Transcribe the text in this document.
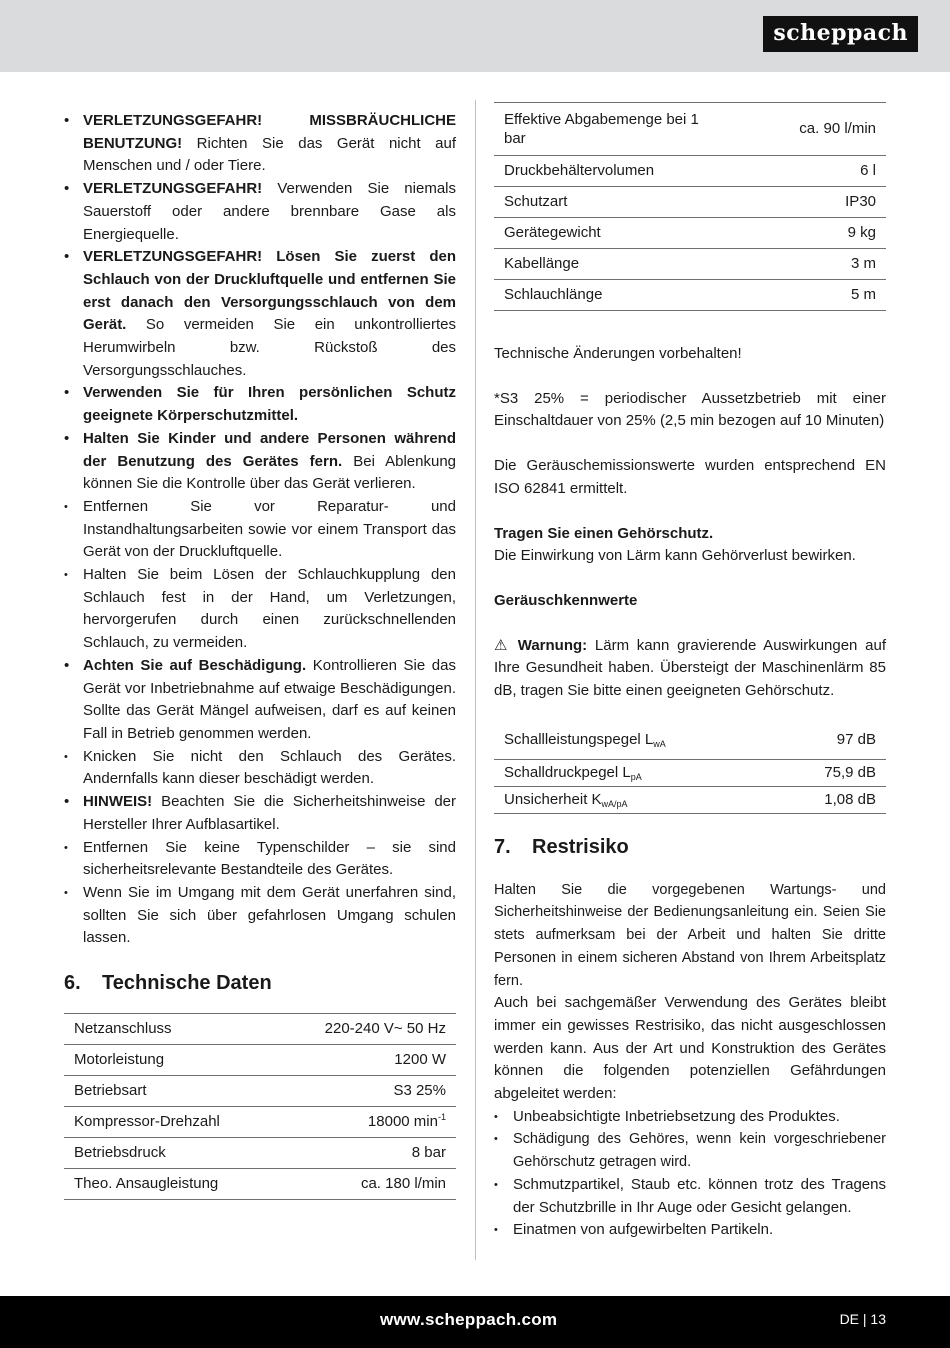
scheppach
• VERLETZUNGSGEFAHR! MISSBRÄUCHLICHE BENUTZUNG! Richten Sie das Gerät nicht auf Menschen und / oder Tiere.
• VERLETZUNGSGEFAHR! Verwenden Sie niemals Sauerstoff oder andere brennbare Gase als Energiequelle.
• VERLETZUNGSGEFAHR! Lösen Sie zuerst den Schlauch von der Druckluftquelle und entfernen Sie erst danach den Versorgungsschlauch von dem Gerät. So vermeiden Sie ein unkontrolliertes Herumwirbeln bzw. Rückstoß des Versorgungsschlauches.
• Verwenden Sie für Ihren persönlichen Schutz geeignete Körperschutzmittel.
• Halten Sie Kinder und andere Personen während der Benutzung des Gerätes fern. Bei Ablenkung können Sie die Kontrolle über das Gerät verlieren.
• Entfernen Sie vor Reparatur- und Instandhaltungsarbeiten sowie vor einem Transport das Gerät von der Druckluftquelle.
• Halten Sie beim Lösen der Schlauchkupplung den Schlauch fest in der Hand, um Verletzungen, hervorgerufen durch einen zurückschnellenden Schlauch, zu vermeiden.
• Achten Sie auf Beschädigung. Kontrollieren Sie das Gerät vor Inbetriebnahme auf etwaige Beschädigungen. Sollte das Gerät Mängel aufweisen, darf es auf keinen Fall in Betrieb genommen werden.
• Knicken Sie nicht den Schlauch des Gerätes. Andernfalls kann dieser beschädigt werden.
• HINWEIS! Beachten Sie die Sicherheitshinweise der Hersteller Ihrer Aufblasartikel.
• Entfernen Sie keine Typenschilder – sie sind sicherheitsrelevante Bestandteile des Gerätes.
• Wenn Sie im Umgang mit dem Gerät unerfahren sind, sollten Sie sich über gefahrlosen Umgang schulen lassen.
6.	Technische Daten
Netzanschluss	220-240 V~ 50 Hz
Motorleistung	1200 W
Betriebsart	S3 25%
Kompressor-Drehzahl	18000 $\min^{-1}$
Betriebsdruck	8 bar
Theo. Ansaugleistung	ca. 180 l/min
Effektive Abgabemenge bei 1 bar	ca. 90 l/min
Druckbehältervolumen	6 l
Schutzart	IP30
Gerätegewicht	9 kg
Kabellänge	3 m
Schlauchlänge	5 m

Technische Änderungen vorbehalten!

*S3 25% = periodischer Aussetzbetrieb mit einer Einschaltdauer von 25% (2,5 min bezogen auf 10 Minuten)

Die Geräuschemissionswerte wurden entsprechend EN ISO 62841 ermittelt.

Tragen Sie einen Gehörschutz.

Die Einwirkung von Lärm kann Gehörverlust bewirken.

Geräuschkennwerte

⚠ Warnung: Lärm kann gravierende Auswirkungen auf Ihre Gesundheit haben. Übersteigt der Maschinenlärm 85 dB, tragen Sie bitte einen geeigneten Gehörschutz.

Schallleistungspegel $L_{wA}$	97 dB
Schalldruckpegel $L_{pA}$	75,9 dB
Unsicherheit $K_{wA/pA}$	1,08 dB
7.	Restrisiko

Halten Sie die vorgegebenen Wartungs- und Sicherheitshinweise der Bedienungsanleitung ein. Seien Sie stets aufmerksam bei der Arbeit und halten Sie dritte Personen in einem sicheren Abstand von Ihrem Arbeitsplatz fern.

Auch bei sachgemäßer Verwendung des Gerätes bleibt immer ein gewisses Restrisiko, das nicht ausgeschlossen werden kann. Aus der Art und Konstruktion des Gerätes können die folgenden potenziellen Gefährdungen abgeleitet werden:

• Unbeabsichtigte Inbetriebsetzung des Produktes.
• Schädigung des Gehöres, wenn kein vorgeschriebener Gehörschutz getragen wird.
• Schmutzpartikel, Staub etc. können trotz des Tragens der Schutzbrille in Ihr Auge oder Gesicht gelangen.
• Einatmen von aufgewirbelten Partikeln.
www.scheppach.com	DE | 13
